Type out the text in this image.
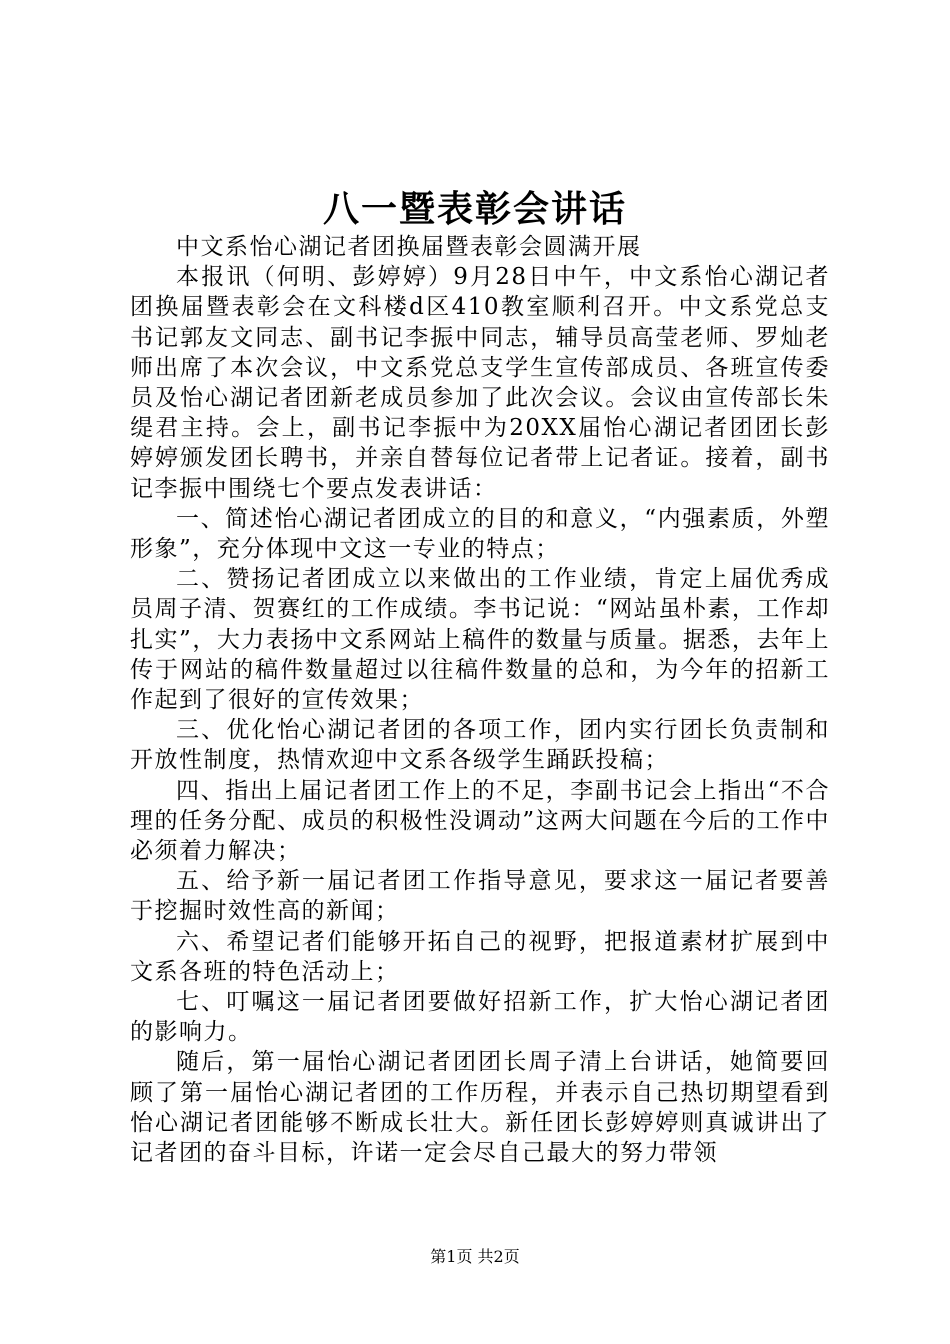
八一暨表彰会讲话

中文系怡心湖记者团换届暨表彰会圆满开展

本报讯（何明、彭婷婷）9月28日中午，中文系怡心湖记者团换届暨表彰会在文科楼d区410教室顺利召开。中文系党总支书记郭友文同志、副书记李振中同志，辅导员高莹老师、罗灿老师出席了本次会议，中文系党总支学生宣传部成员、各班宣传委员及怡心湖记者团新老成员参加了此次会议。会议由宣传部长朱缇君主持。会上，副书记李振中为20XX届怡心湖记者团团长彭婷婷颁发团长聘书，并亲自替每位记者带上记者证。接着，副书记李振中围绕七个要点发表讲话：

一、简述怡心湖记者团成立的目的和意义，“内强素质，外塑形象”，充分体现中文这一专业的特点；

二、赞扬记者团成立以来做出的工作业绩，肯定上届优秀成员周子清、贺赛红的工作成绩。李书记说：“网站虽朴素，工作却扎实”，大力表扬中文系网站上稿件的数量与质量。据悉，去年上传于网站的稿件数量超过以往稿件数量的总和，为今年的招新工作起到了很好的宣传效果；

三、优化怡心湖记者团的各项工作，团内实行团长负责制和开放性制度，热情欢迎中文系各级学生踊跃投稿；

四、指出上届记者团工作上的不足，李副书记会上指出“不合理的任务分配、成员的积极性没调动”这两大问题在今后的工作中必须着力解决；

五、给予新一届记者团工作指导意见，要求这一届记者要善于挖掘时效性高的新闻；

六、希望记者们能够开拓自己的视野，把报道素材扩展到中文系各班的特色活动上；

七、叮嘱这一届记者团要做好招新工作，扩大怡心湖记者团的影响力。

随后，第一届怡心湖记者团团长周子清上台讲话，她简要回顾了第一届怡心湖记者团的工作历程，并表示自己热切期望看到怡心湖记者团能够不断成长壮大。新任团长彭婷婷则真诚讲出了记者团的奋斗目标，许诺一定会尽自己最大的努力带领

第1页 共2页
